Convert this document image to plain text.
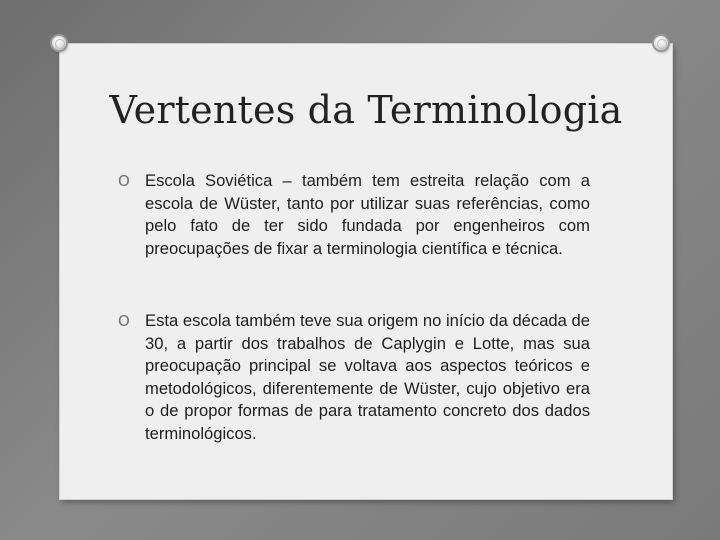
Vertentes da Terminologia
O Escola Soviética – também tem estreita relação com a escola de Wüster, tanto por utilizar suas referências, como pelo fato de ter sido fundada por engenheiros com preocupações de fixar a terminologia científica e técnica.
O Esta escola também teve sua origem no início da década de 30, a partir dos trabalhos de Caplygin e Lotte, mas sua preocupação principal se voltava aos aspectos teóricos e metodológicos, diferentemente de Wüster, cujo objetivo era o de propor formas de para tratamento concreto dos dados terminológicos.
